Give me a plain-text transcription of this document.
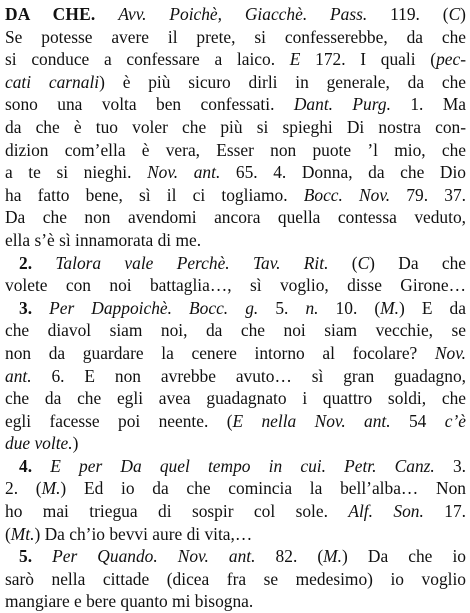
DA CHE. Avv. Poichè, Giacchè. Pass. 119. (C)
Se potesse avere il prete, si confesserebbe, da che
si conduce a confessare a laico. E 172. I quali (pec-
cati carnali) è più sicuro dirli in generale, da che
sono una volta ben confessati. Dant. Purg. 1. Ma
da che è tuo voler che più si spieghi Di nostra con-
dizion com’ella è vera, Esser non puote ’l mio, che
a te si nieghi. Nov. ant. 65. 4. Donna, da che Dio
ha fatto bene, sì il ci togliamo. Bocc. Nov. 79. 37.
Da che non avendomi ancora quella contessa veduto,
ella s’è sì innamorata di me.
2. Talora vale Perchè. Tav. Rit. (C) Da che
volete con noi battaglia…, sì voglio, disse Girone…
3. Per Dappoichè. Bocc. g. 5. n. 10. (M.) E da
che diavol siam noi, da che noi siam vecchie, se
non da guardare la cenere intorno al focolare? Nov.
ant. 6. E non avrebbe avuto… sì gran guadagno,
che da che egli avea guadagnato i quattro soldi, che
egli facesse poi neente. (E nella Nov. ant. 54 c’è
due volte.)
4. E per Da quel tempo in cui. Petr. Canz. 3.
2. (M.) Ed io da che comincia la bell’alba… Non
ho mai triegua di sospir col sole. Alf. Son. 17.
(Mt.) Da ch’io bevvi aure di vita,…
5. Per Quando. Nov. ant. 82. (M.) Da che io
sarò nella cittade (dicea fra se medesimo) io voglio
mangiare e bere quanto mi bisogna.
